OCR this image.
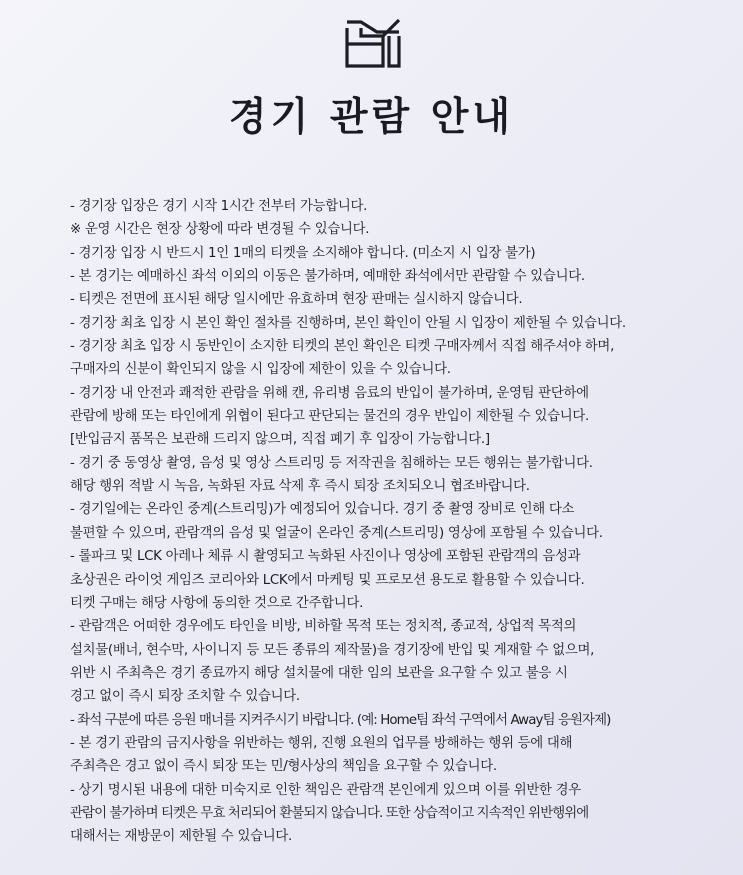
경기 관람 안내
- 경기장 입장은 경기 시작 1시간 전부터 가능합니다.
※ 운영 시간은 현장 상황에 따라 변경될 수 있습니다.
- 경기장 입장 시 반드시 1인 1매의 티켓을 소지해야 합니다. (미소지 시 입장 불가)
- 본 경기는 예매하신 좌석 이외의 이동은 불가하며, 예매한 좌석에서만 관람할 수 있습니다.
- 티켓은 전면에 표시된 해당 일시에만 유효하며 현장 판매는 실시하지 않습니다.
- 경기장 최초 입장 시 본인 확인 절차를 진행하며, 본인 확인이 안될 시 입장이 제한될 수 있습니다.
- 경기장 최초 입장 시 동반인이 소지한 티켓의 본인 확인은 티켓 구매자께서 직접 해주셔야 하며,
구매자의 신분이 확인되지 않을 시 입장에 제한이 있을 수 있습니다.
- 경기장 내 안전과 쾌적한 관람을 위해 캔, 유리병 음료의 반입이 불가하며, 운영팀 판단하에
관람에 방해 또는 타인에게 위협이 된다고 판단되는 물건의 경우 반입이 제한될 수 있습니다.
[반입금지 품목은 보관해 드리지 않으며, 직접 폐기 후 입장이 가능합니다.]
- 경기 중 동영상 촬영, 음성 및 영상 스트리밍 등 저작권을 침해하는 모든 행위는 불가합니다.
해당 행위 적발 시 녹음, 녹화된 자료 삭제 후 즉시 퇴장 조치되오니 협조바랍니다.
- 경기일에는 온라인 중계(스트리밍)가 예정되어 있습니다. 경기 중 촬영 장비로 인해 다소
불편할 수 있으며, 관람객의 음성 및 얼굴이 온라인 중계(스트리밍) 영상에 포함될 수 있습니다.
- 롤파크 및 LCK 아레나 체류 시 촬영되고 녹화된 사진이나 영상에 포함된 관람객의 음성과
초상권은 라이엇 게임즈 코리아와 LCK에서 마케팅 및 프로모션 용도로 활용할 수 있습니다.
티켓 구매는 해당 사항에 동의한 것으로 간주합니다.
- 관람객은 어떠한 경우에도 타인을 비방, 비하할 목적 또는 정치적, 종교적, 상업적 목적의
설치물(배너, 현수막, 사이니지 등 모든 종류의 제작물)을 경기장에 반입 및 게재할 수 없으며,
위반 시 주최측은 경기 종료까지 해당 설치물에 대한 임의 보관을 요구할 수 있고 불응 시
경고 없이 즉시 퇴장 조치할 수 있습니다.
- 좌석 구분에 따른 응원 매너를 지켜주시기 바랍니다. (예: Home팀 좌석 구역에서 Away팀 응원자제)
- 본 경기 관람의 금지사항을 위반하는 행위, 진행 요원의 업무를 방해하는 행위 등에 대해
주최측은 경고 없이 즉시 퇴장 또는 민/형사상의 책임을 요구할 수 있습니다.
- 상기 명시된 내용에 대한 미숙지로 인한 책임은 관람객 본인에게 있으며 이를 위반한 경우
관람이 불가하며 티켓은 무효 처리되어 환불되지 않습니다. 또한 상습적이고 지속적인 위반행위에
대해서는 재방문이 제한될 수 있습니다.
